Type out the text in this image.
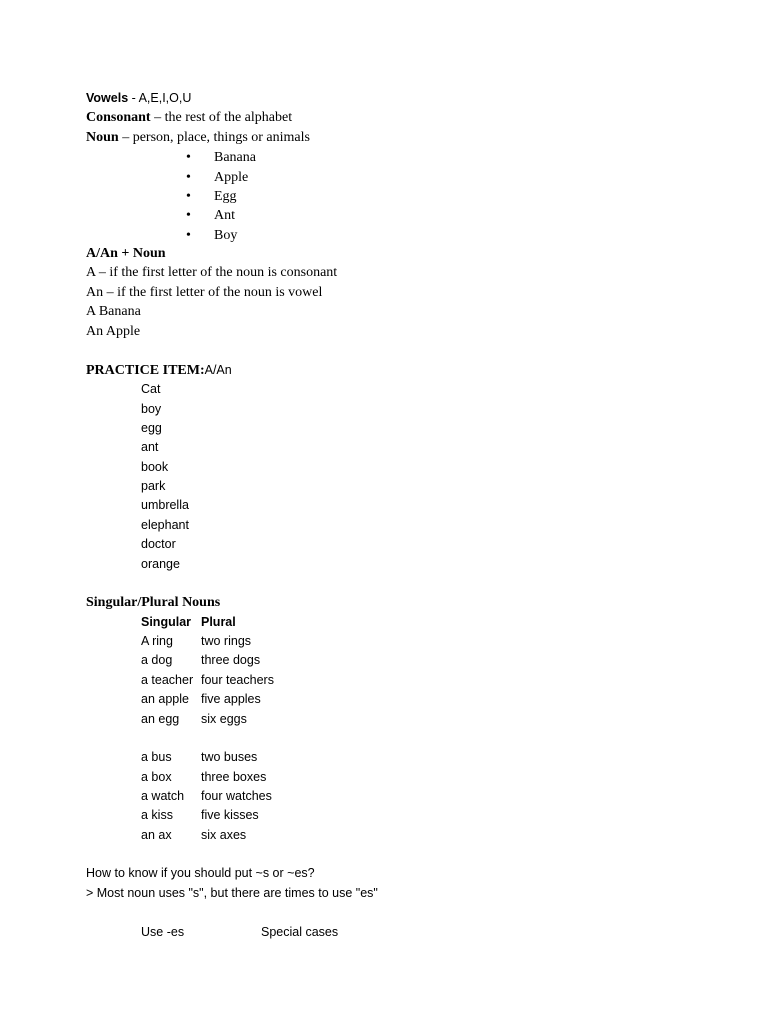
Vowels - A,E,I,O,U
Consonant – the rest of the alphabet
Noun – person, place, things or animals
• Banana
• Apple
• Egg
• Ant
• Boy
A/An + Noun
A – if the first letter of the noun is consonant
An – if the first letter of the noun is vowel
A Banana
An Apple
PRACTICE ITEM:A/An
Cat
boy
egg
ant
book
park
umbrella
elephant
doctor
orange
Singular/Plural Nouns
Singular Plural
A ring two rings
a dog three dogs
a teacher four teachers
an apple five apples
an egg six eggs
a bus two buses
a box three boxes
a watch four watches
a kiss five kisses
an ax six axes
How to know if you should put ~s or ~es?
> Most noun uses "s", but there are times to use "es"
Use -es	Special cases
